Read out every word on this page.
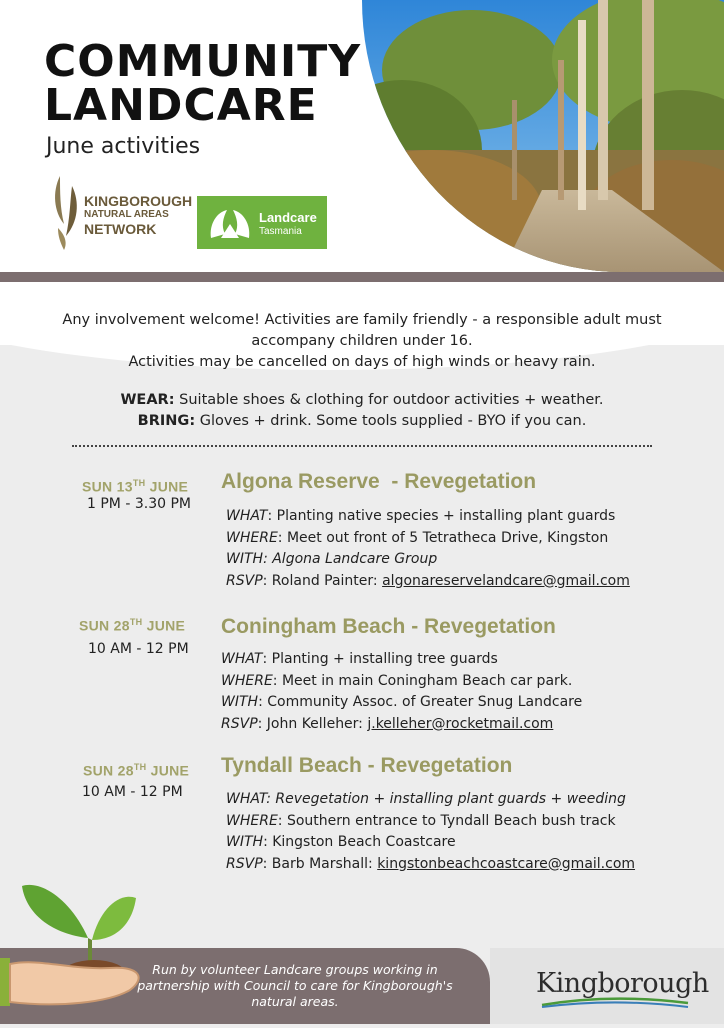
COMMUNITY
LANDCARE
June activities
KINGBOROUGH
NATURAL AREAS
NETWORK
Landcare
Tasmania

Any involvement welcome! Activities are family friendly - a responsible adult must

accompany children under 16.

Activities may be cancelled on days of high winds or heavy rain.

WEAR: Suitable shoes & clothing for outdoor activities + weather.

BRING: Gloves + drink. Some tools supplied - BYO if you can.

SUN 13TH JUNE
1 PM - 3.30 PM
Algona Reserve  - Revegetation
WHAT: Planting native species + installing plant guards
WHERE: Meet out front of 5 Tetratheca Drive, Kingston
WITH: Algona Landcare Group
RSVP: Roland Painter: algonareservelandcare@gmail.com
SUN 28TH JUNE
10 AM - 12 PM
Coningham Beach - Revegetation
WHAT: Planting + installing tree guards
WHERE: Meet in main Coningham Beach car park.
WITH: Community Assoc. of Greater Snug Landcare
RSVP: John Kelleher: j.kelleher@rocketmail.com
SUN 28TH JUNE
10 AM - 12 PM
Tyndall Beach - Revegetation
WHAT: Revegetation + installing plant guards + weeding
WHERE: Southern entrance to Tyndall Beach bush track
WITH: Kingston Beach Coastcare
RSVP: Barb Marshall: kingstonbeachcoastcare@gmail.com
Run by volunteer Landcare groups working in
partnership with Council to care for Kingborough's
natural areas.
Kingborough
